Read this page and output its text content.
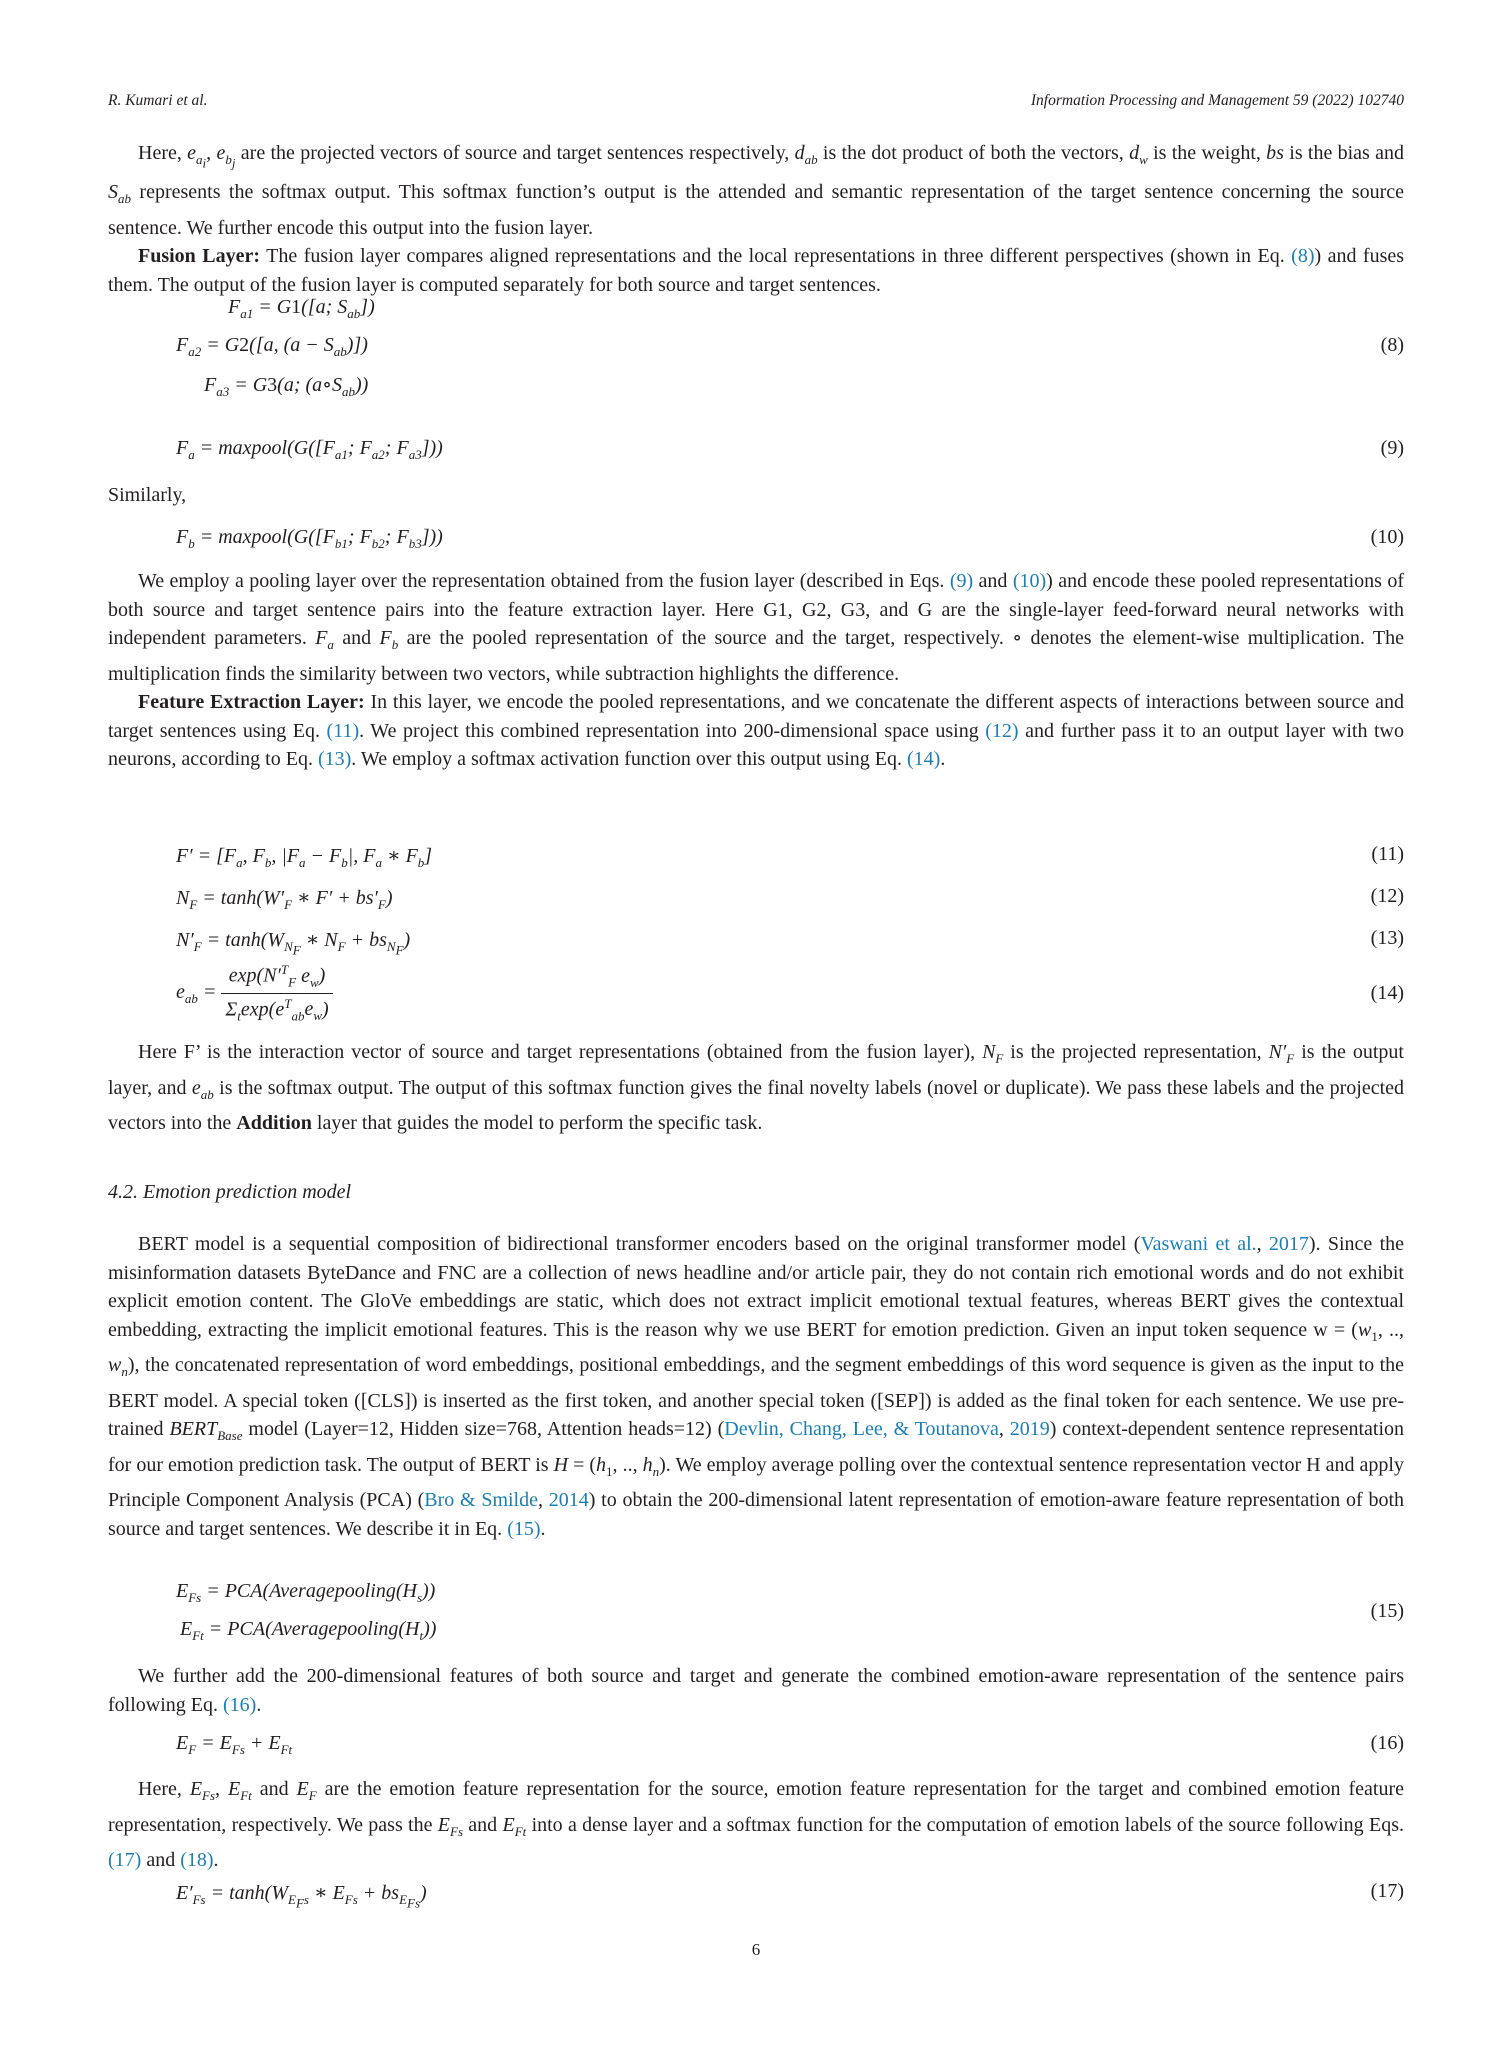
R. Kumari et al.	Information Processing and Management 59 (2022) 102740

Here, $e_{a_i}$, $e_{b_j}$ are the projected vectors of source and target sentences respectively, $d_{ab}$ is the dot product of both the vectors, $d_w$ is the weight, bs is the bias and $S_{ab}$ represents the softmax output. This softmax function’s output is the attended and semantic representation of the target sentence concerning the source sentence. We further encode this output into the fusion layer.

Fusion Layer: The fusion layer compares aligned representations and the local representations in three different perspectives (shown in Eq. (8)) and fuses them. The output of the fusion layer is computed separately for both source and target sentences.

$F_{a1} = G1([a$; $S_{ab}$])
$F_{a2} = G2([a$, $(a - S_{ab})$])
$F_{a3} = G3(a$; $(a\circ S_{ab})$)
(8)
$F_a$ = $maxpool(G([F_{a1}$; $F_{a2}$; $F_{a3}$]))	(9)

Similarly,

$F_b$ = $maxpool(G([F_{b1}$; $F_{b2}$; $F_{b3}$]))	(10)

We employ a pooling layer over the representation obtained from the fusion layer (described in Eqs. (9) and (10)) and encode these pooled representations of both source and target sentence pairs into the feature extraction layer. Here G1, G2, G3, and G are the single-layer feed-forward neural networks with independent parameters. $F_a$ and $F_b$ are the pooled representation of the source and the target, respectively. ∘ denotes the element-wise multiplication. The multiplication finds the similarity between two vectors, while subtraction highlights the difference.

Feature Extraction Layer: In this layer, we encode the pooled representations, and we concatenate the different aspects of interactions between source and target sentences using Eq. (11). We project this combined representation into 200-dimensional space using (12) and further pass it to an output layer with two neurons, according to Eq. (13). We employ a softmax activation function over this output using Eq. (14).

$F' = [F_a$, $F_b$, $|F_a - F_b|$, $F_a$ ∗ $F_b$]	(11)
$N_F = \tanh(W'_F$ ∗ $F' + bs'_F$)	(12)
$N'_F = \tanh(W_{N_F}$ ∗ $N_F + bs_{N_F}$)	(13)
$e_{ab} = \frac{\exp(N'^T_F e_w)}{\Sigma_t\exp(e^T_{ab}e_w)}$	(14)

Here F’ is the interaction vector of source and target representations (obtained from the fusion layer), $N_F$ is the projected representation, $N'_F$ is the output layer, and $e_{ab}$ is the softmax output. The output of this softmax function gives the final novelty labels (novel or duplicate). We pass these labels and the projected vectors into the Addition layer that guides the model to perform the specific task.

4.2. Emotion prediction model

BERT model is a sequential composition of bidirectional transformer encoders based on the original transformer model (Vaswani et al., 2017). Since the misinformation datasets ByteDance and FNC are a collection of news headline and/or article pair, they do not contain rich emotional words and do not exhibit explicit emotion content. The GloVe embeddings are static, which does not extract implicit emotional textual features, whereas BERT gives the contextual embedding, extracting the implicit emotional features. This is the reason why we use BERT for emotion prediction. Given an input token sequence $w = (w_1$, .., $w_n$), the concatenated representation of word embeddings, positional embeddings, and the segment embeddings of this word sequence is given as the input to the BERT model. A special token ([CLS]) is inserted as the first token, and another special token ([SEP]) is added as the final token for each sentence. We use pre-trained $BERT_{Base}$ model (Layer=12, Hidden size=768, Attention heads=12) (Devlin, Chang, Lee, & Toutanova, 2019) context-dependent sentence representation for our emotion prediction task. The output of BERT is $H = (h_1$, .., $h_n$). We employ average polling over the contextual sentence representation vector H and apply Principle Component Analysis (PCA) (Bro & Smilde, 2014) to obtain the 200-dimensional latent representation of emotion-aware feature representation of both source and target sentences. We describe it in Eq. (15).

$E_{Fs}$ = $PCA(Averagepooling(H_s))$
$E_{Ft}$ = $PCA(Averagepooling(H_t))$
(15)

We further add the 200-dimensional features of both source and target and generate the combined emotion-aware representation of the sentence pairs following Eq. (16).

$E_F = E_{Fs} + E_{Ft}$	(16)

Here, $E_{Fs}$, $E_{Ft}$ and $E_F$ are the emotion feature representation for the source, emotion feature representation for the target and combined emotion feature representation, respectively. We pass the $E_{Fs}$ and $E_{Ft}$ into a dense layer and a softmax function for the computation of emotion labels of the source following Eqs. (17) and (18).

$E'_{Fs} = \tanh(W_{E_Fs}$ ∗ $E_{Fs} + bs_{E_{Fs}}$)	(17)
6
